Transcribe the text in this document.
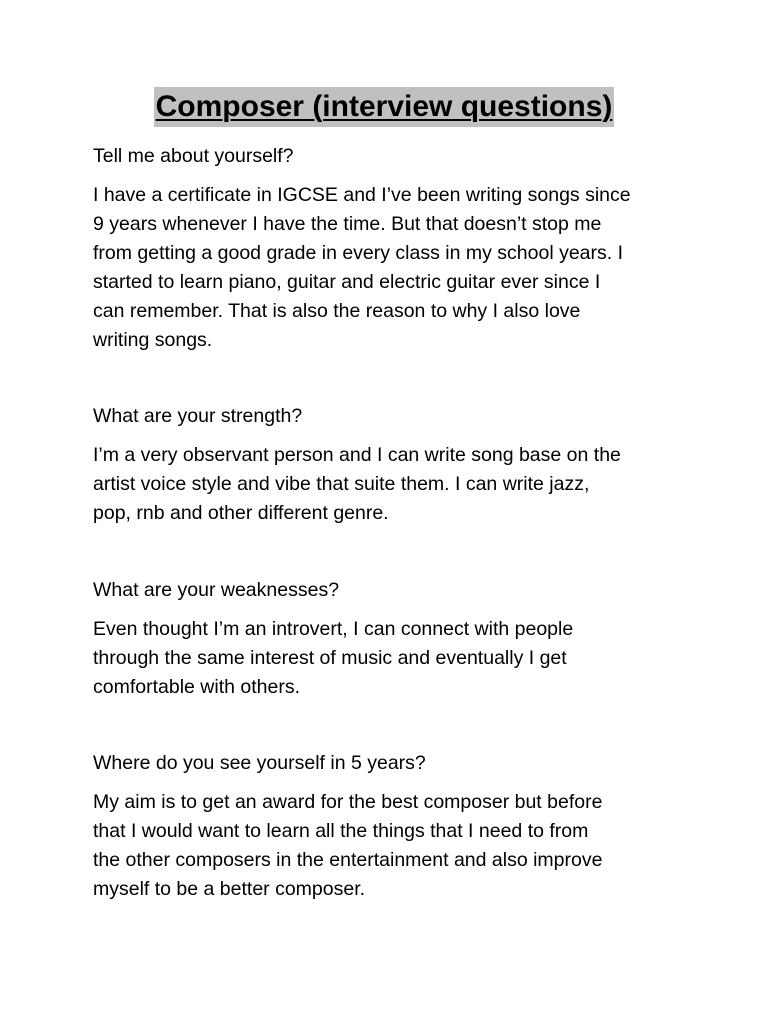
Composer (interview questions)

Tell me about yourself?

I have a certificate in IGCSE and I’ve been writing songs since
9 years whenever I have the time. But that doesn’t stop me
from getting a good grade in every class in my school years. I
started to learn piano, guitar and electric guitar ever since I
can remember. That is also the reason to why I also love
writing songs.

What are your strength?

I’m a very observant person and I can write song base on the
artist voice style and vibe that suite them. I can write jazz,
pop, rnb and other different genre.

What are your weaknesses?

Even thought I’m an introvert, I can connect with people
through the same interest of music and eventually I get
comfortable with others.

Where do you see yourself in 5 years?

My aim is to get an award for the best composer but before
that I would want to learn all the things that I need to from
the other composers in the entertainment and also improve
myself to be a better composer.
